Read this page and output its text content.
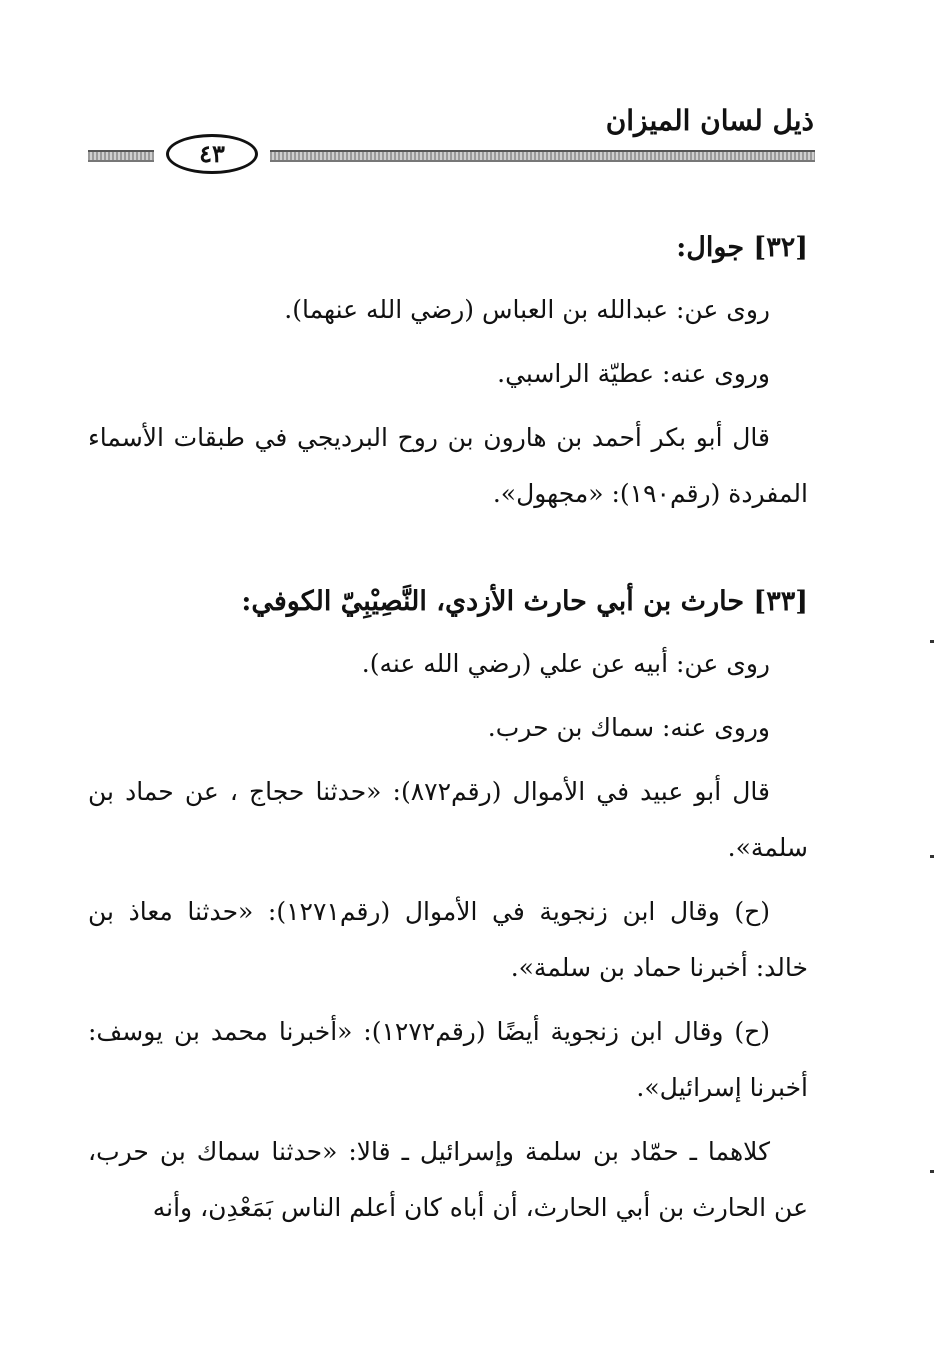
ذيل لسان الميزان
٤٣
[٣٢] جوال:

روى عن: عبدالله بن العباس (رضي الله عنهما).

وروى عنه: عطيّة الراسبي.

قال أبو بكر أحمد بن هارون بن روح البرديجي في طبقات الأسماء المفردة (رقم١٩٠): «مجهول».

[٣٣] حارث بن أبي حارث الأزدي، النَّصِيْبِيّ الكوفي:

روى عن: أبيه عن علي (رضي الله عنه).

وروى عنه: سماك بن حرب.

قال أبو عبيد في الأموال (رقم٨٧٢): «حدثنا حجاج ، عن حماد بن سلمة».

(ح) وقال ابن زنجوية في الأموال (رقم١٢٧١): «حدثنا معاذ بن خالد: أخبرنا حماد بن سلمة».

(ح) وقال ابن زنجوية أيضًا (رقم١٢٧٢): «أخبرنا محمد بن يوسف: أخبرنا إسرائيل».

كلاهما ـ حمّاد بن سلمة وإسرائيل ـ قالا: «حدثنا سماك بن حرب، عن الحارث بن أبي الحارث، أن أباه كان أعلم الناس بَمَعْدِن، وأنه
